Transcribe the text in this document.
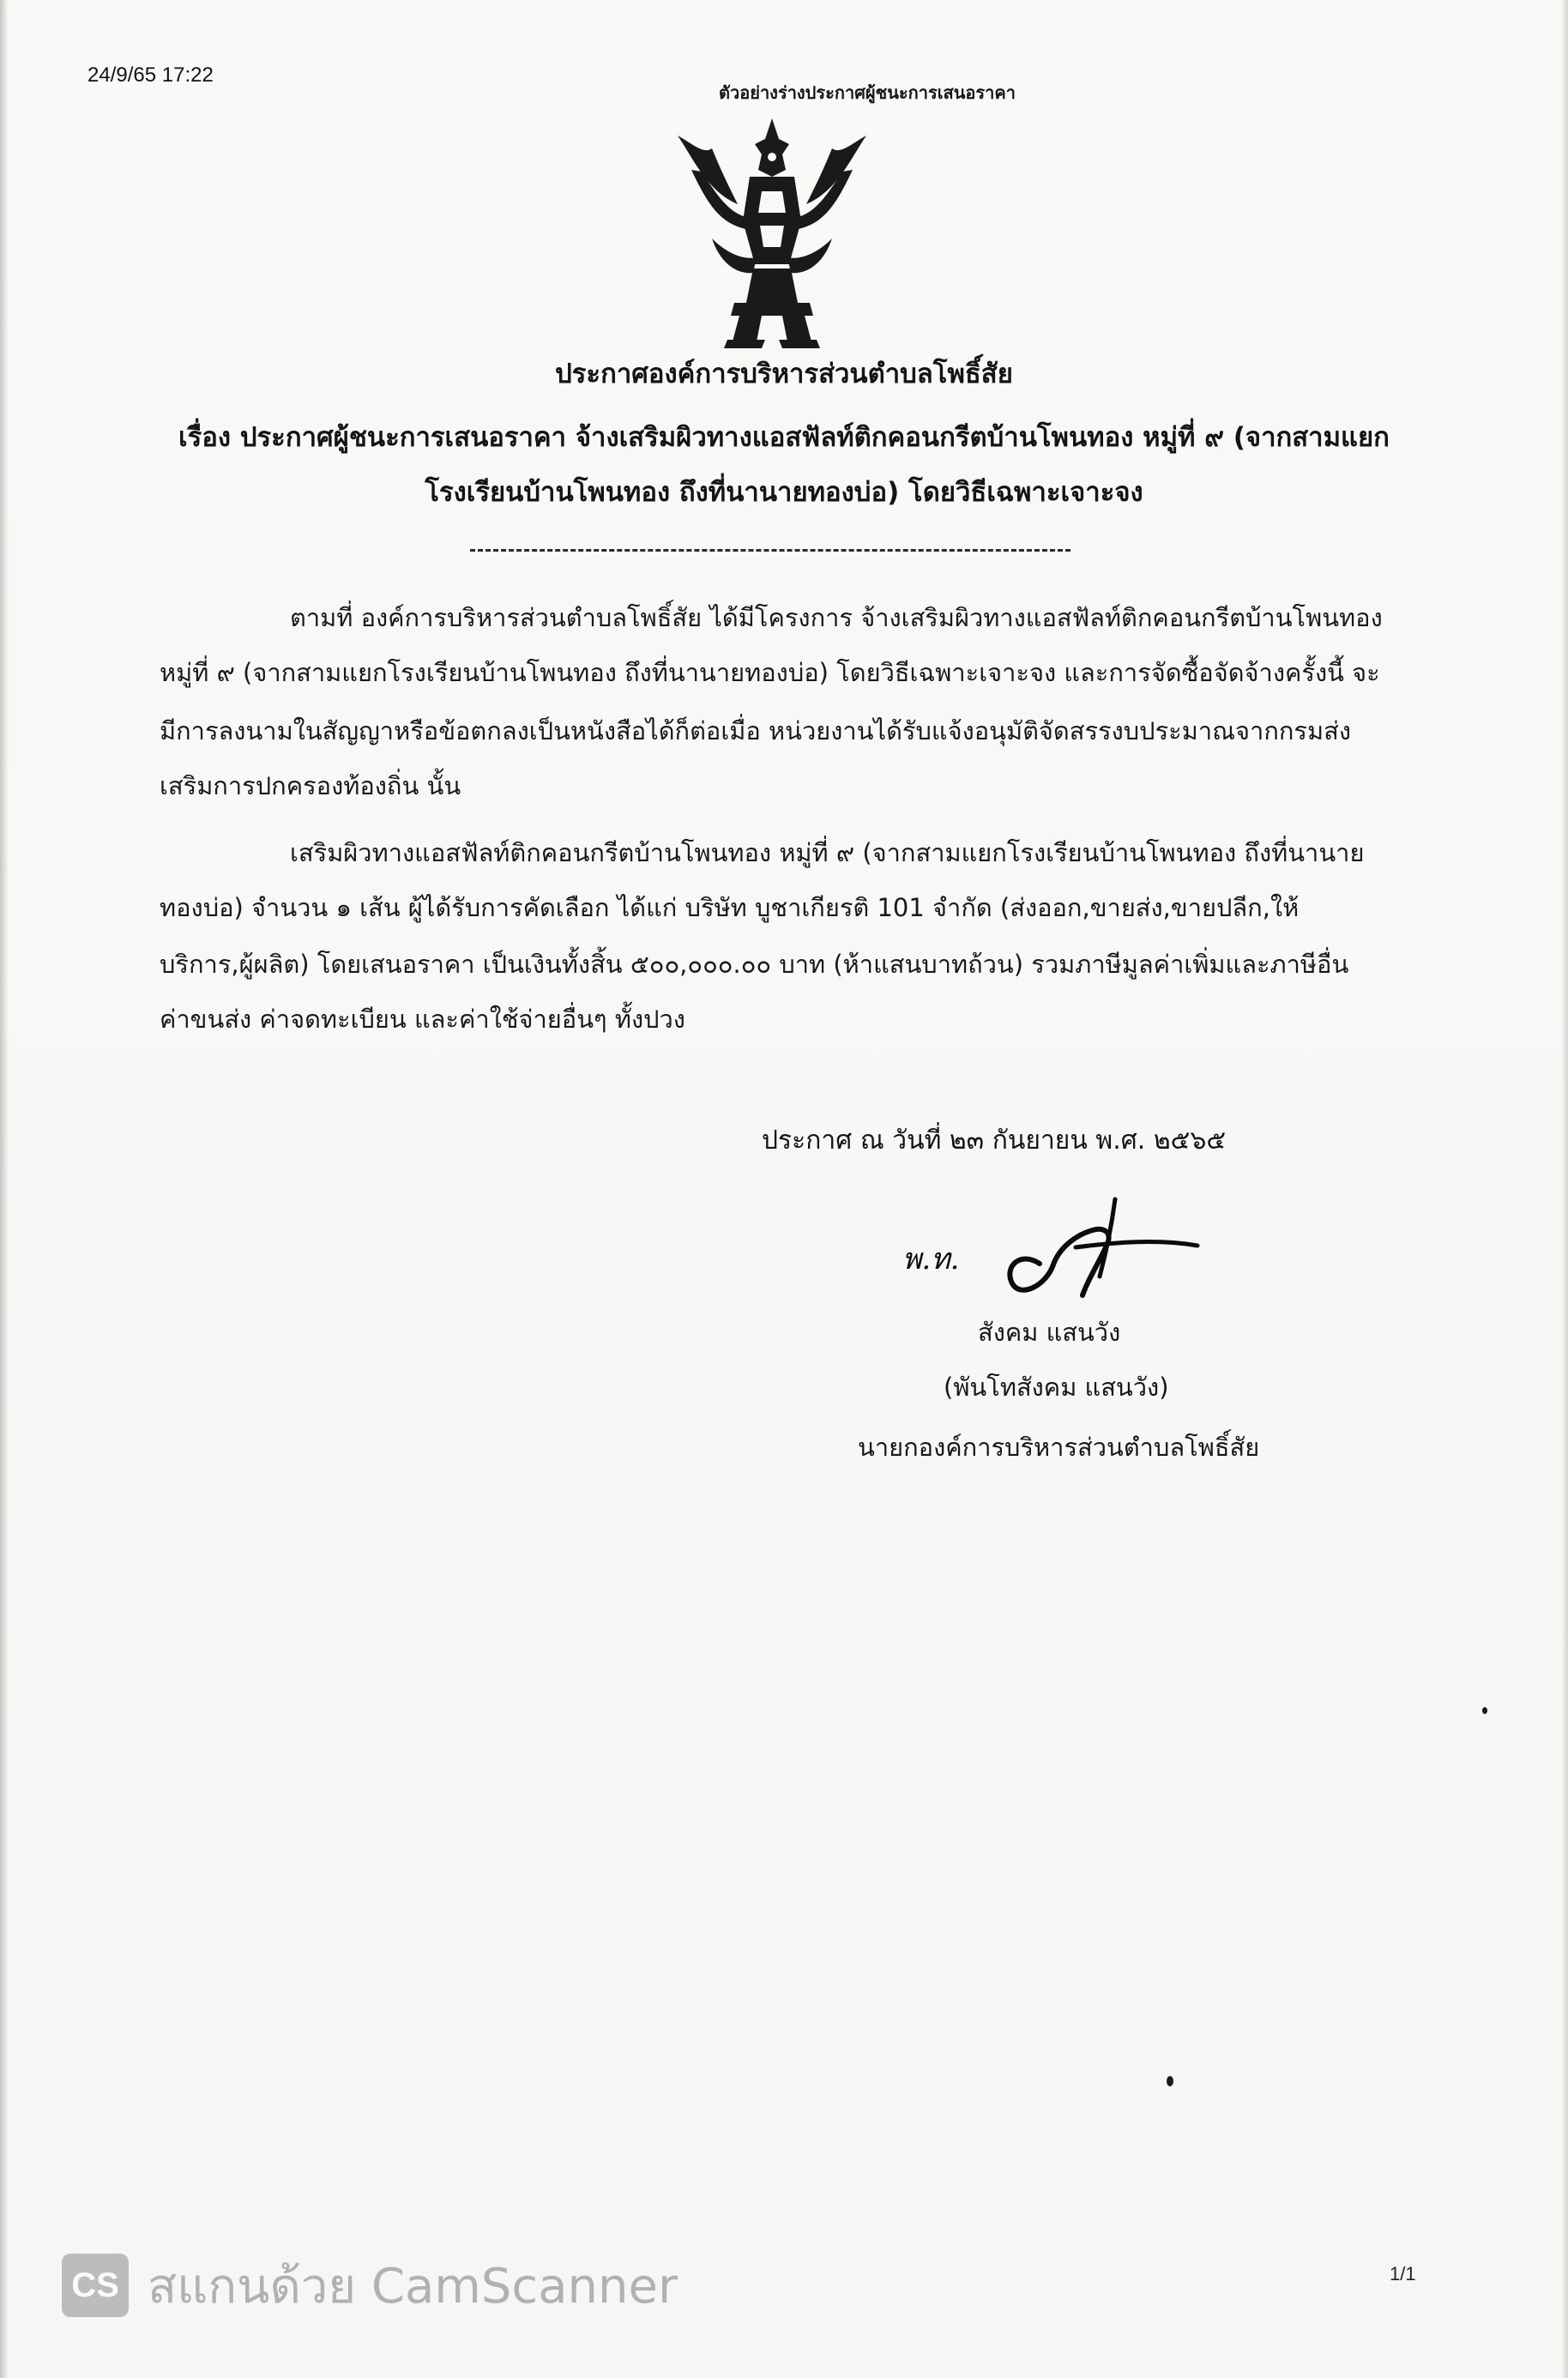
24/9/65 17:22
ตัวอย่างร่างประกาศผู้ชนะการเสนอราคา
ประกาศองค์การบริหารส่วนตำบลโพธิ์สัย
เรื่อง ประกาศผู้ชนะการเสนอราคา จ้างเสริมผิวทางแอสฟัลท์ติกคอนกรีตบ้านโพนทอง หมู่ที่ ๙ (จากสามแยก
โรงเรียนบ้านโพนทอง ถึงที่นานายทองบ่อ) โดยวิธีเฉพาะเจาะจง
ตามที่ องค์การบริหารส่วนตำบลโพธิ์สัย ได้มีโครงการ จ้างเสริมผิวทางแอสฟัลท์ติกคอนกรีตบ้านโพนทอง
หมู่ที่ ๙ (จากสามแยกโรงเรียนบ้านโพนทอง ถึงที่นานายทองบ่อ) โดยวิธีเฉพาะเจาะจง และการจัดซื้อจัดจ้างครั้งนี้ จะ
มีการลงนามในสัญญาหรือข้อตกลงเป็นหนังสือได้ก็ต่อเมื่อ หน่วยงานได้รับแจ้งอนุมัติจัดสรรงบประมาณจากกรมส่ง
เสริมการปกครองท้องถิ่น นั้น
เสริมผิวทางแอสฟัลท์ติกคอนกรีตบ้านโพนทอง หมู่ที่ ๙ (จากสามแยกโรงเรียนบ้านโพนทอง ถึงที่นานาย
ทองบ่อ) จำนวน ๑ เส้น ผู้ได้รับการคัดเลือก ได้แก่ บริษัท บูชาเกียรติ 101 จำกัด (ส่งออก,ขายส่ง,ขายปลีก,ให้
บริการ,ผู้ผลิต) โดยเสนอราคา เป็นเงินทั้งสิ้น ๕๐๐,๐๐๐.๐๐ บาท (ห้าแสนบาทถ้วน) รวมภาษีมูลค่าเพิ่มและภาษีอื่น
ค่าขนส่ง ค่าจดทะเบียน และค่าใช้จ่ายอื่นๆ ทั้งปวง
ประกาศ ณ วันที่ ๒๓ กันยายน พ.ศ. ๒๕๖๕
พ.ท.
สังคม แสนวัง
(พันโทสังคม แสนวัง)
นายกองค์การบริหารส่วนตำบลโพธิ์สัย
1/1
CS สแกนด้วย CamScanner
